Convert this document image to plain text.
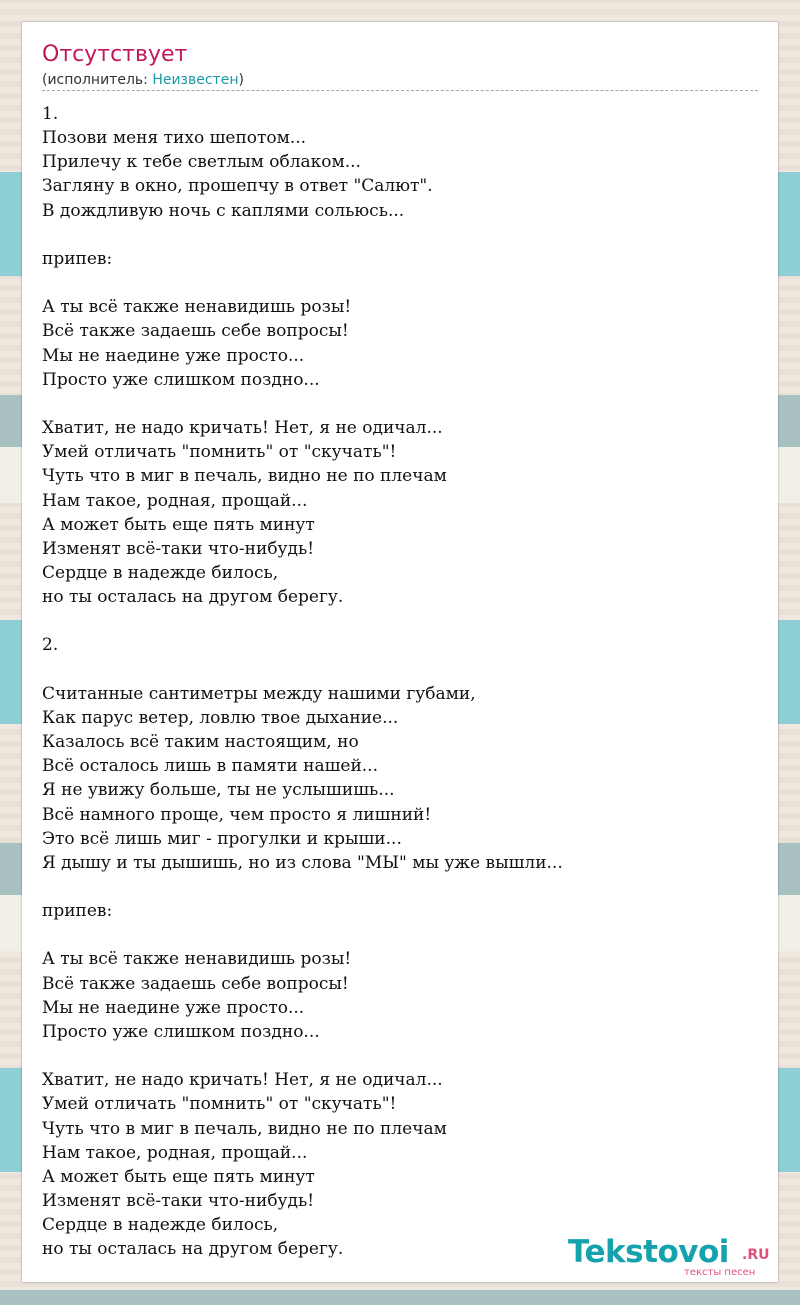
Отсутствует
(исполнитель: Неизвестен)
1.
Позови меня тихо шепотом...
Прилечу к тебе светлым облаком...
Загляну в окно, прошепчу в ответ "Салют".
В дождливую ночь с каплями сольюсь...

припев:

А ты всё также ненавидишь розы!
Всё также задаешь себе вопросы!
Мы не наедине уже просто...
Просто уже слишком поздно...

Хватит, не надо кричать! Нет, я не одичал...
Умей отличать "помнить" от "скучать"!
Чуть что в миг в печаль, видно не по плечам
Нам такое, родная, прощай...
А может быть еще пять минут
Изменят всё-таки что-нибудь!
Сердце в надежде билось,
но ты осталась на другом берегу.

2.

Считанные сантиметры между нашими губами,
Как парус ветер, ловлю твое дыхание...
Казалось всё таким настоящим, но
Всё осталось лишь в памяти нашей...
Я не увижу больше, ты не услышишь...
Всё намного проще, чем просто я лишний!
Это всё лишь миг - прогулки и крыши...
Я дышу и ты дышишь, но из слова "МЫ" мы уже вышли...

припев:

А ты всё также ненавидишь розы!
Всё также задаешь себе вопросы!
Мы не наедине уже просто...
Просто уже слишком поздно...

Хватит, не надо кричать! Нет, я не одичал...
Умей отличать "помнить" от "скучать"!
Чуть что в миг в печаль, видно не по плечам
Нам такое, родная, прощай...
А может быть еще пять минут
Изменят всё-таки что-нибудь!
Сердце в надежде билось,
но ты осталась на другом берегу.	Tekstovoi .RU
тексты песен
